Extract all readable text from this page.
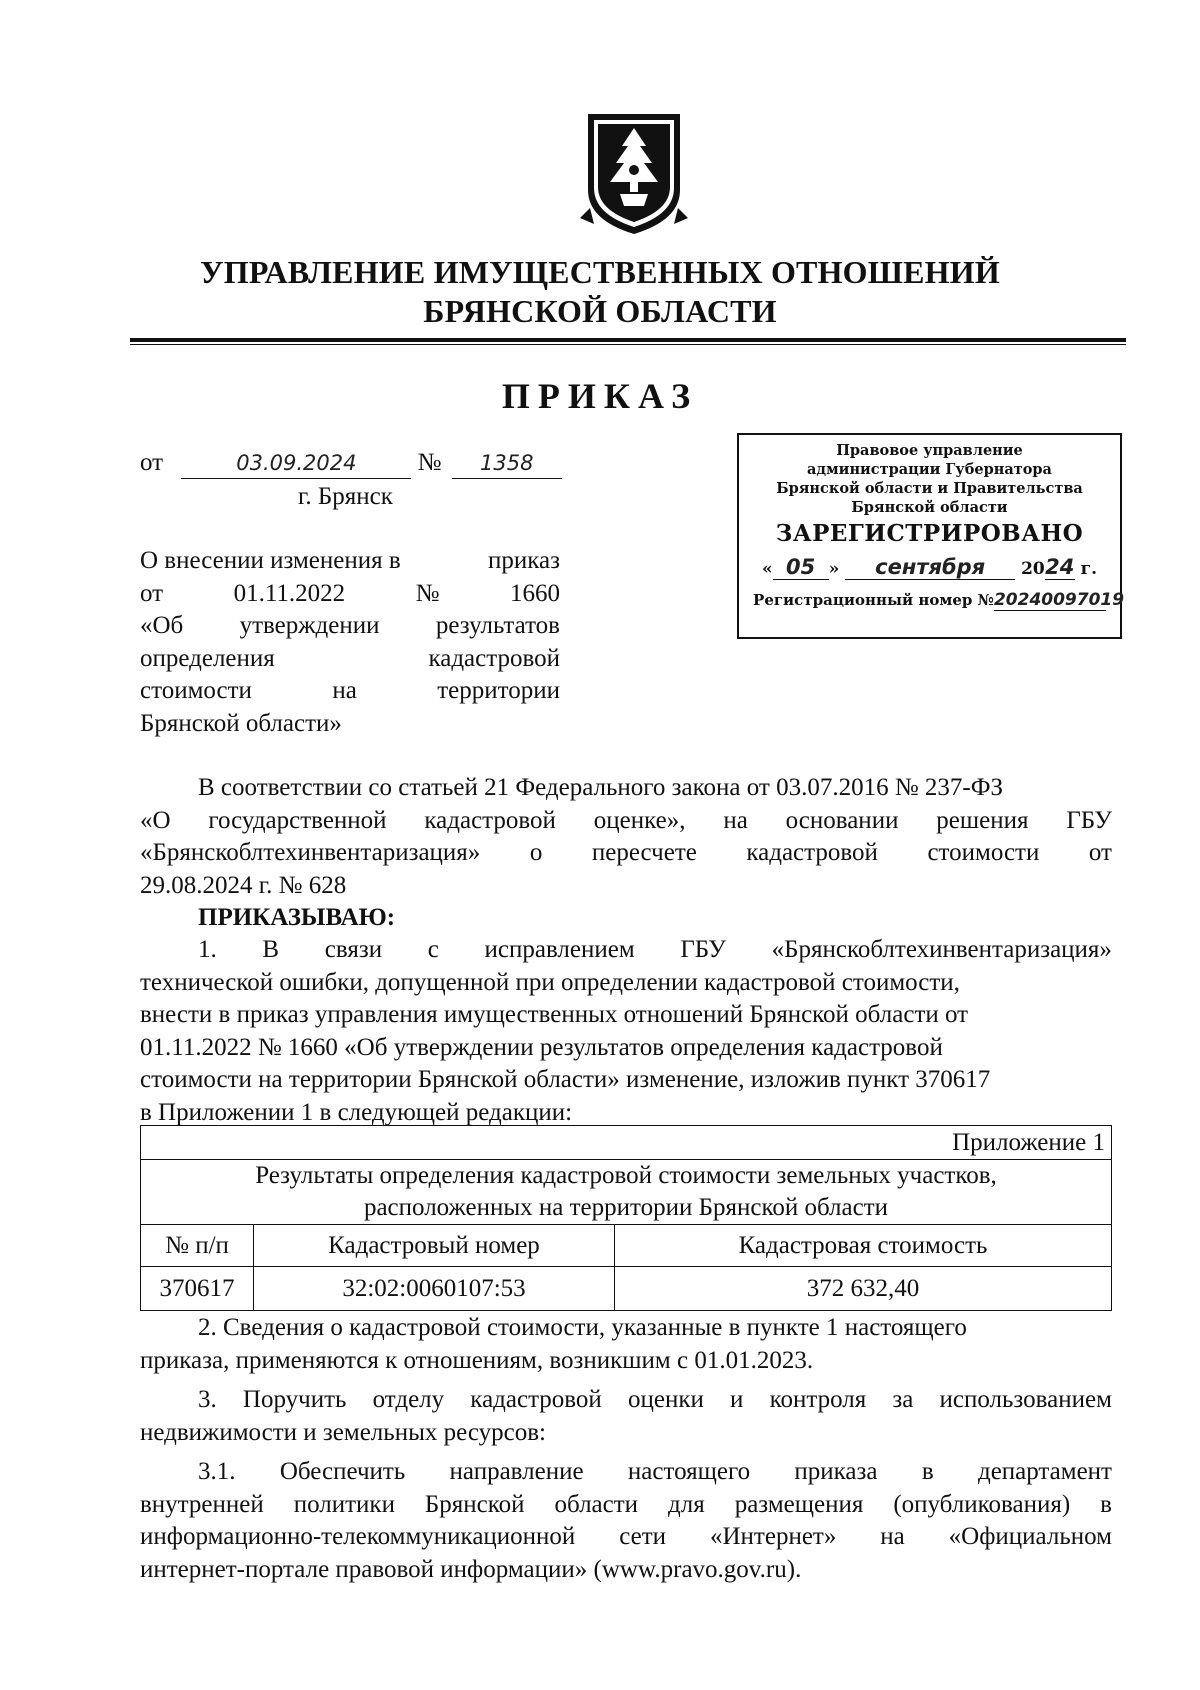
УПРАВЛЕНИЕ ИМУЩЕСТВЕННЫХ ОТНОШЕНИЙ
БРЯНСКОЙ ОБЛАСТИ
ПРИКАЗ
от	03.09.2024 № 1358
г. Брянск
Правовое управление
администрации Губернатора
Брянской области и Правительства
Брянской области
ЗАРЕГИСТРИРОВАНО
« 05 » сентября 2024 г.
Регистрационный номер №20240097019
О внесении изменения в	приказ
от	01.11.2022	№	1660
«Об утверждении результатов
определения	кадастровой
стоимости	на	территории
Брянской области»
В соответствии со статьей 21 Федерального закона от 03.07.2016 № 237-ФЗ
«О государственной кадастровой оценке», на основании решения ГБУ
«Брянскоблтехинвентаризация» о пересчете кадастровой стоимости от
29.08.2024 г. № 628
ПРИКАЗЫВАЮ:
1. В связи с исправлением ГБУ «Брянскоблтехинвентаризация»
технической ошибки, допущенной при определении кадастровой стоимости,
внести в приказ управления имущественных отношений Брянской области от
01.11.2022 № 1660 «Об утверждении результатов определения кадастровой
стоимости на территории Брянской области» изменение, изложив пункт 370617
в Приложении 1 в следующей редакции:
Приложение 1		

Результаты определения кадастровой стоимости земельных участков,
расположенных на территории Брянской области		

№ п/п	Кадастровый номер	Кадастровая стоимость
370617	32:02:0060107:53	372 632,40
2. Сведения о кадастровой стоимости, указанные в пункте 1 настоящего
приказа, применяются к отношениям, возникшим с 01.01.2023.
3. Поручить отделу кадастровой оценки и контроля за использованием
недвижимости и земельных ресурсов:
3.1. Обеспечить направление настоящего приказа в департамент
внутренней политики Брянской области для размещения (опубликования) в
информационно-телекоммуникационной сети «Интернет» на «Официальном
интернет-портале правовой информации» (www.pravo.gov.ru).
